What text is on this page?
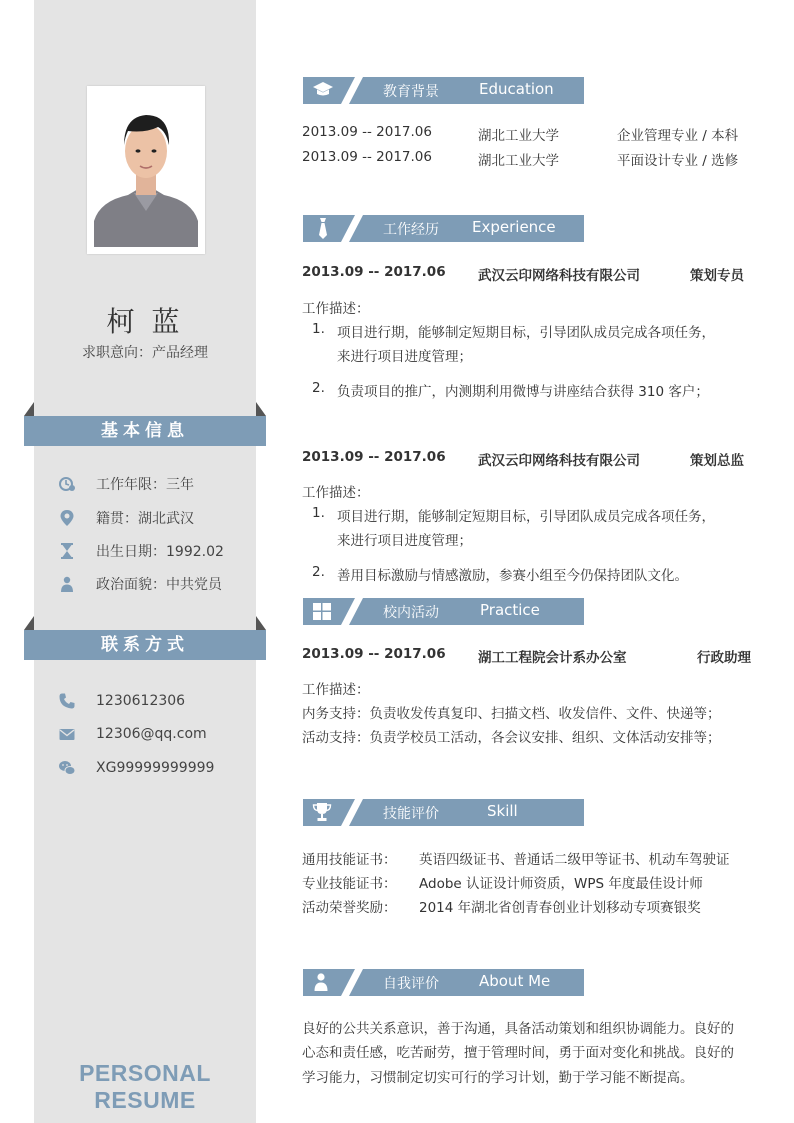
柯 蓝
求职意向：产品经理
基本信息
工作年限：三年
籍贯：湖北武汉
出生日期：1992.02
政治面貌：中共党员
联系方式
1230612306
12306@qq.com
XG99999999999
PERSONAL RESUME
教育背景	Education
2013.09 -- 2017.06	湖北工业大学	企业管理专业 / 本科
2013.09 -- 2017.06	湖北工业大学	平面设计专业 / 选修
工作经历 Experience
2013.09 -- 2017.06 武汉云印网络科技有限公司	策划专员
工作描述：
1. 项目进行期，能够制定短期目标，引导团队成员完成各项任务，
来进行项目进度管理；
2. 负责项目的推广，内测期利用微博与讲座结合获得 310 客户；
2013.09 -- 2017.06 武汉云印网络科技有限公司	策划总监
工作描述：
1. 项目进行期，能够制定短期目标，引导团队成员完成各项任务，
来进行项目进度管理；
2. 善用目标激励与情感激励，参赛小组至今仍保持团队文化。
校内活动	Practice
2013.09 -- 2017.06 湖工工程院会计系办公室	行政助理
工作描述：
内务支持：负责收发传真复印、扫描文档、收发信件、文件、快递等；
活动支持：负责学校员工活动，各会议安排、组织、文体活动安排等；
技能评价	Skill
通用技能证书： 英语四级证书、普通话二级甲等证书、机动车驾驶证
专业技能证书： Adobe 认证设计师资质，WPS 年度最佳设计师
活动荣誉奖励： 2014 年湖北省创青春创业计划移动专项赛银奖
自我评价	About Me
良好的公共关系意识，善于沟通，具备活动策划和组织协调能力。良好的
心态和责任感，吃苦耐劳，擅于管理时间，勇于面对变化和挑战。良好的
学习能力，习惯制定切实可行的学习计划，勤于学习能不断提高。
